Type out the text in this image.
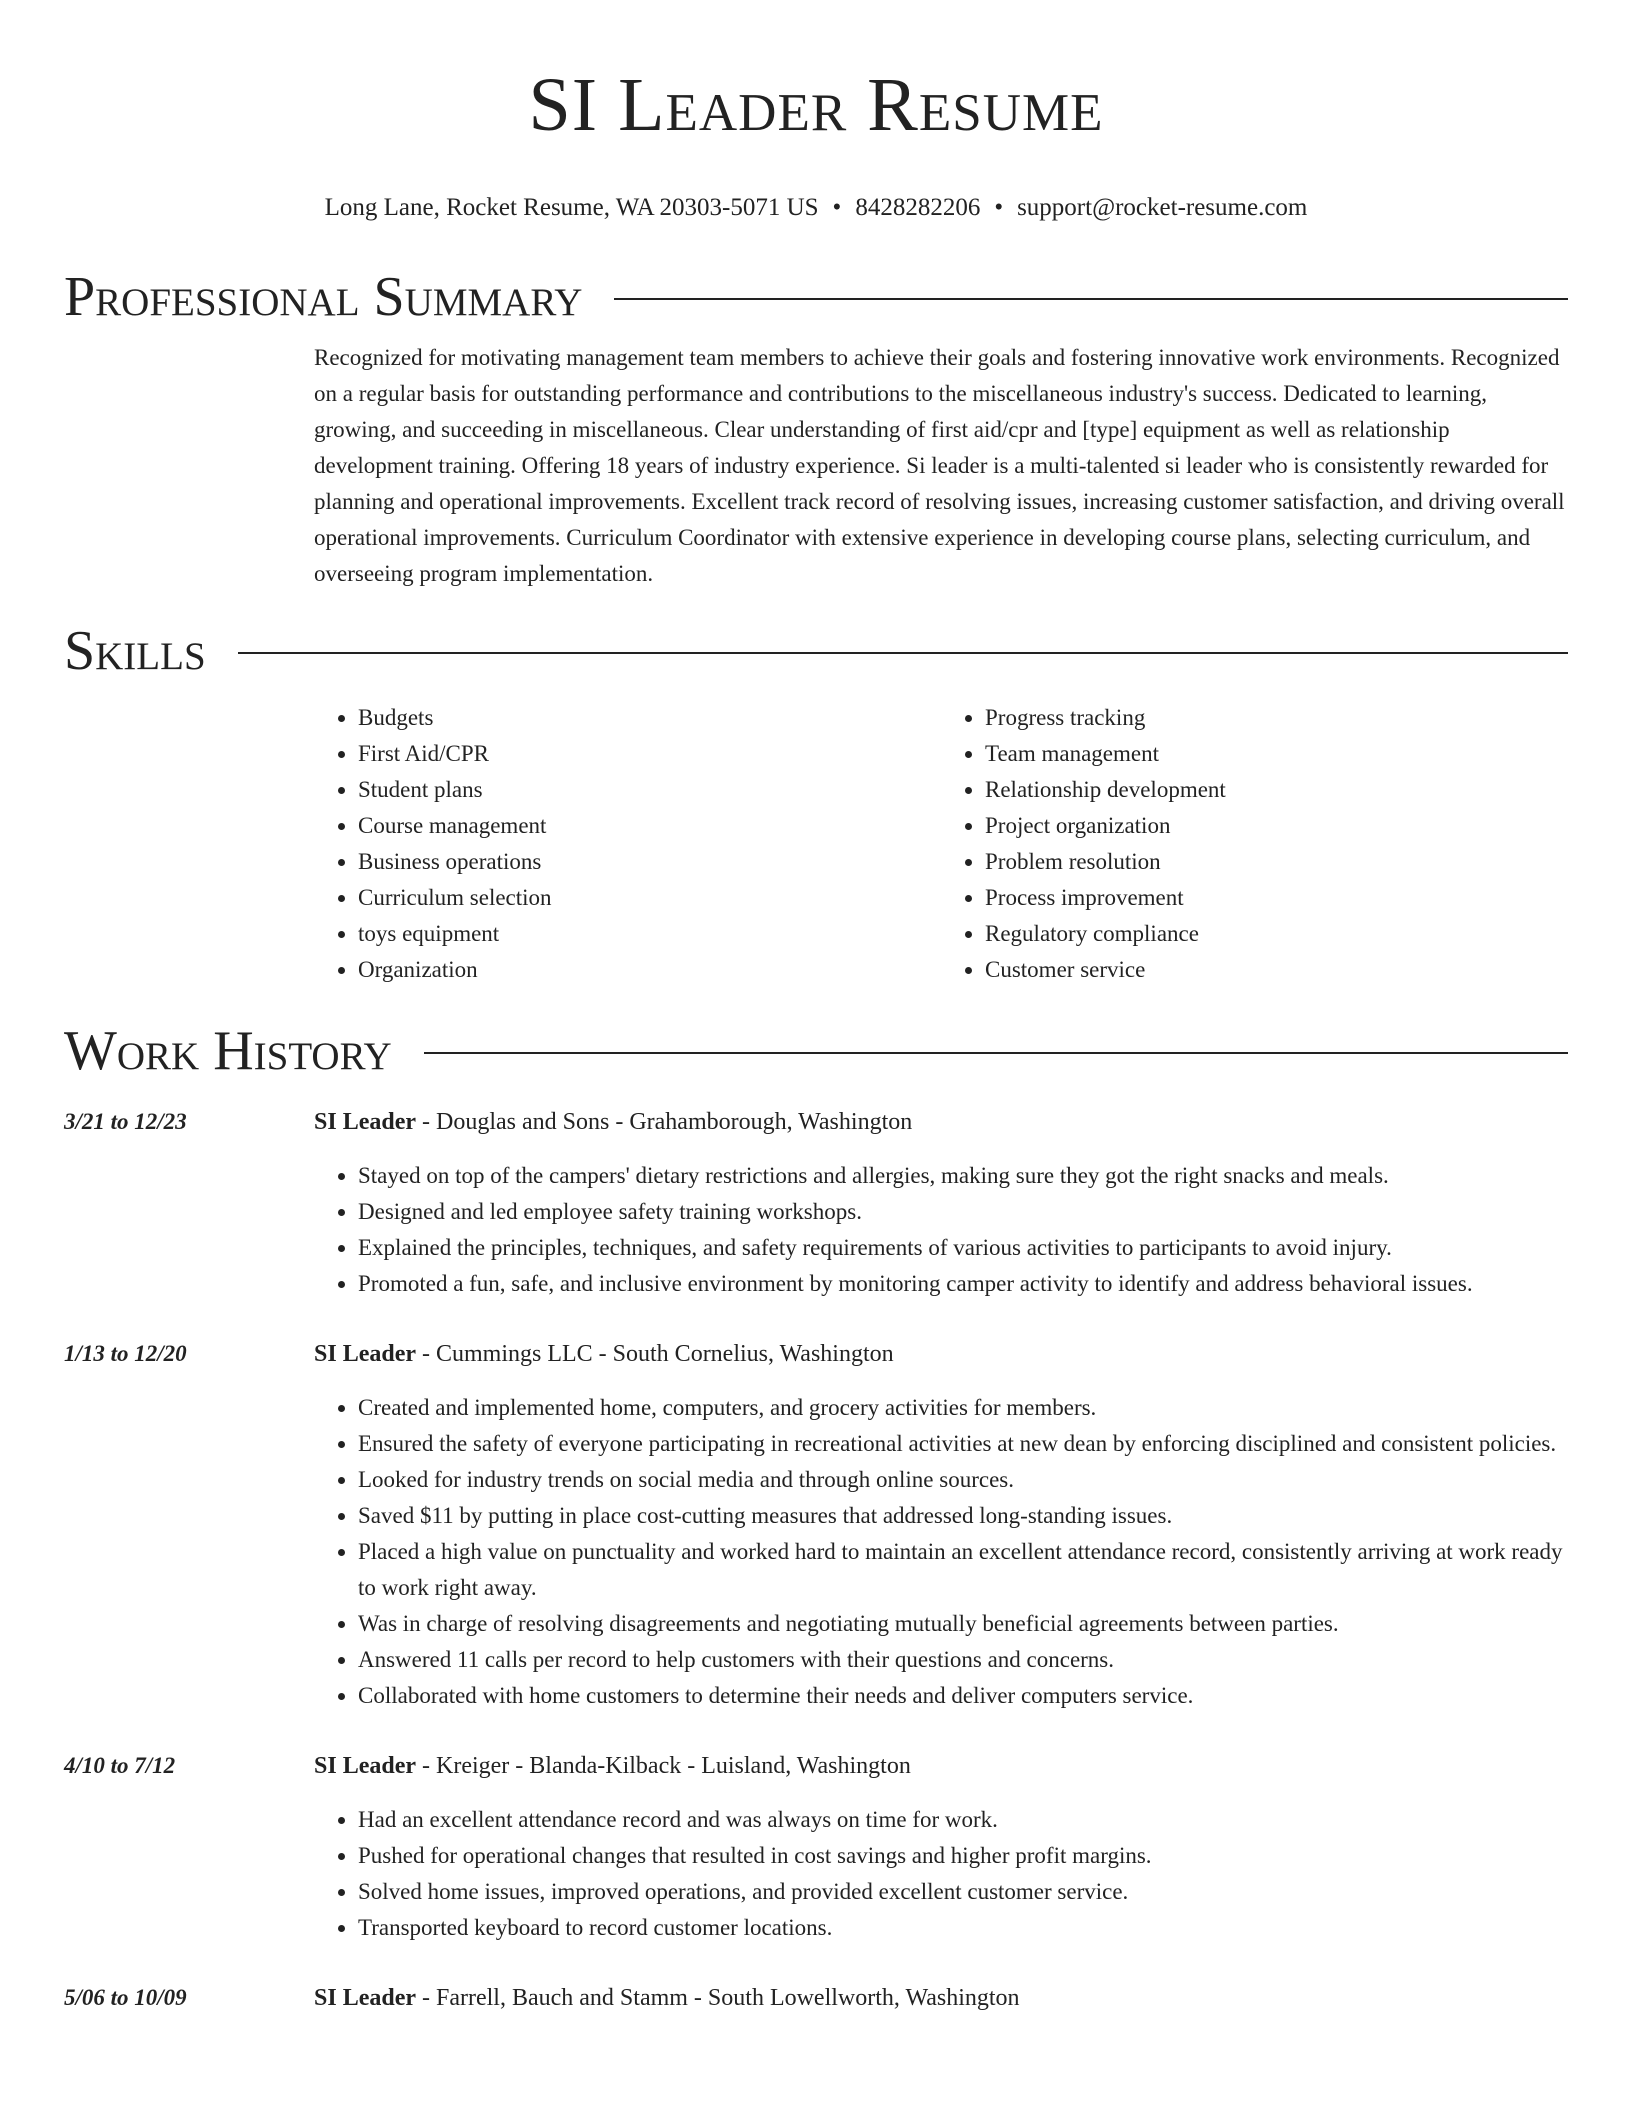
SI Leader Resume
Long Lane, Rocket Resume, WA 20303-5071 US • 8428282206 • support@rocket-resume.com
Professional Summary

Recognized for motivating management team members to achieve their goals and fostering innovative work environments. Recognized on a regular basis for outstanding performance and contributions to the miscellaneous industry's success. Dedicated to learning, growing, and succeeding in miscellaneous. Clear understanding of first aid/cpr and [type] equipment as well as relationship development training. Offering 18 years of industry experience. Si leader is a multi-talented si leader who is consistently rewarded for planning and operational improvements. Excellent track record of resolving issues, increasing customer satisfaction, and driving overall operational improvements. Curriculum Coordinator with extensive experience in developing course plans, selecting curriculum, and overseeing program implementation.

Skills
• Budgets
• First Aid/CPR
• Student plans
• Course management
• Business operations
• Curriculum selection
• toys equipment
• Organization
• Progress tracking
• Team management
• Relationship development
• Project organization
• Problem resolution
• Process improvement
• Regulatory compliance
• Customer service
Work History
3/21 to 12/23	SI Leader - Douglas and Sons - Grahamborough, Washington
• Stayed on top of the campers' dietary restrictions and allergies, making sure they got the right snacks and meals.
• Designed and led employee safety training workshops.
• Explained the principles, techniques, and safety requirements of various activities to participants to avoid injury.
• Promoted a fun, safe, and inclusive environment by monitoring camper activity to identify and address behavioral issues.
1/13 to 12/20	SI Leader - Cummings LLC - South Cornelius, Washington
• Created and implemented home, computers, and grocery activities for members.
• Ensured the safety of everyone participating in recreational activities at new dean by enforcing disciplined and consistent policies.
• Looked for industry trends on social media and through online sources.
• Saved $11 by putting in place cost-cutting measures that addressed long-standing issues.
• Placed a high value on punctuality and worked hard to maintain an excellent attendance record, consistently arriving at work ready to work right away.
• Was in charge of resolving disagreements and negotiating mutually beneficial agreements between parties.
• Answered 11 calls per record to help customers with their questions and concerns.
• Collaborated with home customers to determine their needs and deliver computers service.
4/10 to 7/12	SI Leader - Kreiger - Blanda-Kilback - Luisland, Washington
• Had an excellent attendance record and was always on time for work.
• Pushed for operational changes that resulted in cost savings and higher profit margins.
• Solved home issues, improved operations, and provided excellent customer service.
• Transported keyboard to record customer locations.
5/06 to 10/09	SI Leader - Farrell, Bauch and Stamm - South Lowellworth, Washington
